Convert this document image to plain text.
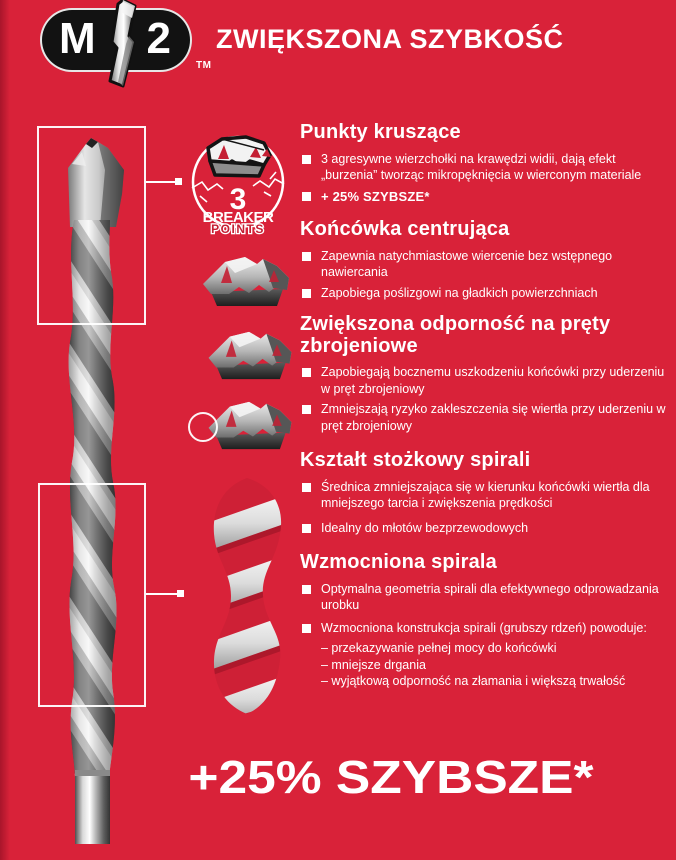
M 2
TM
ZWIĘKSZONA SZYBKOŚĆ
3
BREAKER
POINTS
Punkty kruszące
3 agresywne wierzchołki na krawędzi widii, dają efekt „burzenia” tworząc mikropęknięcia w wierconym materiale
+ 25% SZYBSZE*
Końcówka centrująca
Zapewnia natychmiastowe wiercenie bez wstępnego nawiercania
Zapobiega poślizgowi na gładkich powierzchniach
Zwiększona odporność na pręty zbrojeniowe
Zapobiegają bocznemu uszkodzeniu końcówki przy uderzeniu w pręt zbrojeniowy
Zmniejszają ryzyko zakleszczenia się wiertła przy uderzeniu w pręt zbrojeniowy
Kształt stożkowy spirali
Średnica zmniejszająca się w kierunku końcówki wiertła dla mniejszego tarcia i zwiększenia prędkości
Idealny do młotów bezprzewodowych
Wzmocniona spirala
Optymalna geometria spirali dla efektywnego odprowadzania urobku
Wzmocniona konstrukcja spirali (grubszy rdzeń) powoduje:
– przekazywanie pełnej mocy do końcówki
– mniejsze drgania
– wyjątkową odporność na złamania i większą trwałość
+25% SZYBSZE*
